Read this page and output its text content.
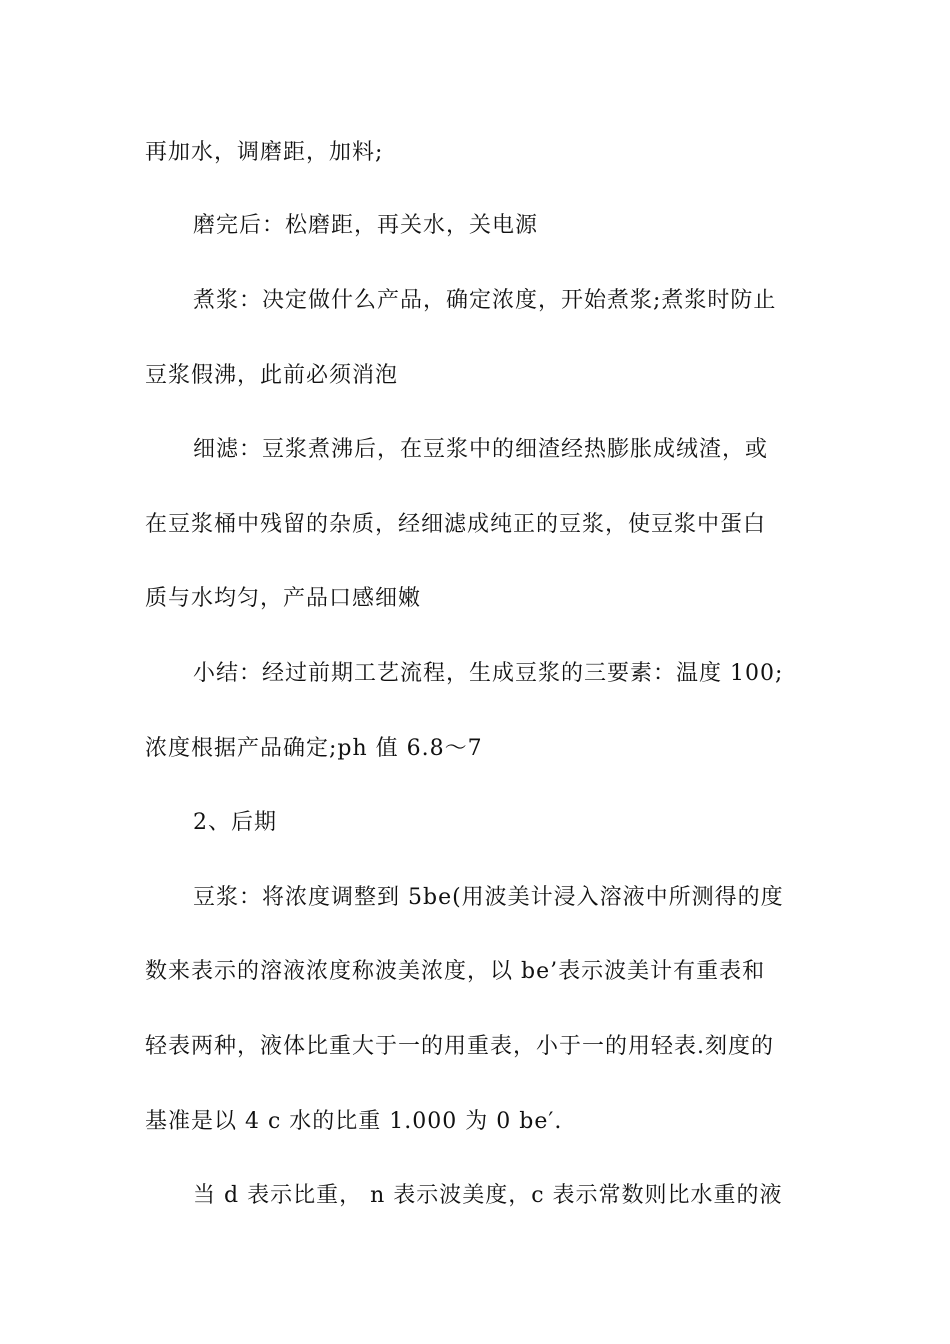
再加水，调磨距，加料;
磨完后：松磨距，再关水，关电源
煮浆：决定做什么产品，确定浓度，开始煮浆;煮浆时防止
豆浆假沸，此前必须消泡
细滤：豆浆煮沸后，在豆浆中的细渣经热膨胀成绒渣，或
在豆浆桶中残留的杂质，经细滤成纯正的豆浆，使豆浆中蛋白
质与水均匀，产品口感细嫩
小结：经过前期工艺流程，生成豆浆的三要素：温度 100;
浓度根据产品确定;ph 值 6.8～7
2、后期
豆浆：将浓度调整到 5be(用波美计浸入溶液中所测得的度
数来表示的溶液浓度称波美浓度，以 be’表示波美计有重表和
轻表两种，液体比重大于一的用重表，小于一的用轻表.刻度的
基准是以 4 c 水的比重 1.000 为 0 be′.
当 d 表示比重， n 表示波美度，c 表示常数则比水重的液
